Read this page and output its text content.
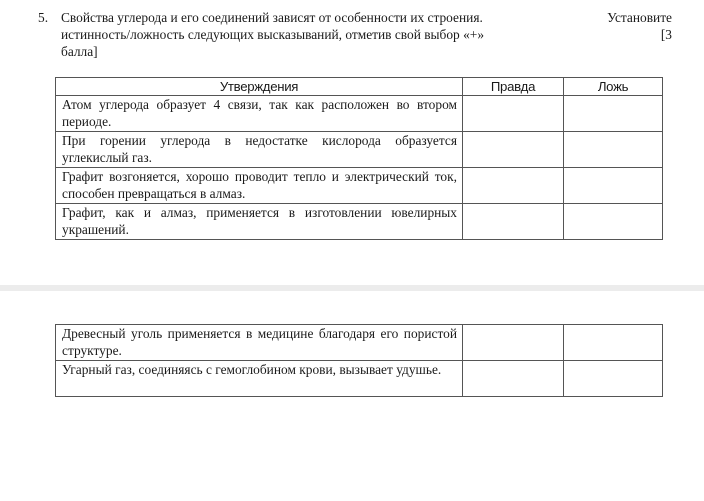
5. Свойства углерода и его соединений зависят от особенности их строения.	Установите
истинность/ложность следующих высказываний, отметив свой выбор «+»	[3
балла]
Утверждения	Правда	Ложь
Атом углерода образует 4 связи, так как расположен во втором периоде.		
При горении углерода в недостатке кислорода образуется углекислый газ.		
Графит возгоняется, хорошо проводит тепло и электрический ток, способен превращаться в алмаз.		
Графит, как и алмаз, применяется в изготовлении ювелирных украшений.		
Древесный уголь применяется в медицине благодаря его пористой структуре.		
Угарный газ, соединяясь с гемоглобином крови, вызывает удушье.		
